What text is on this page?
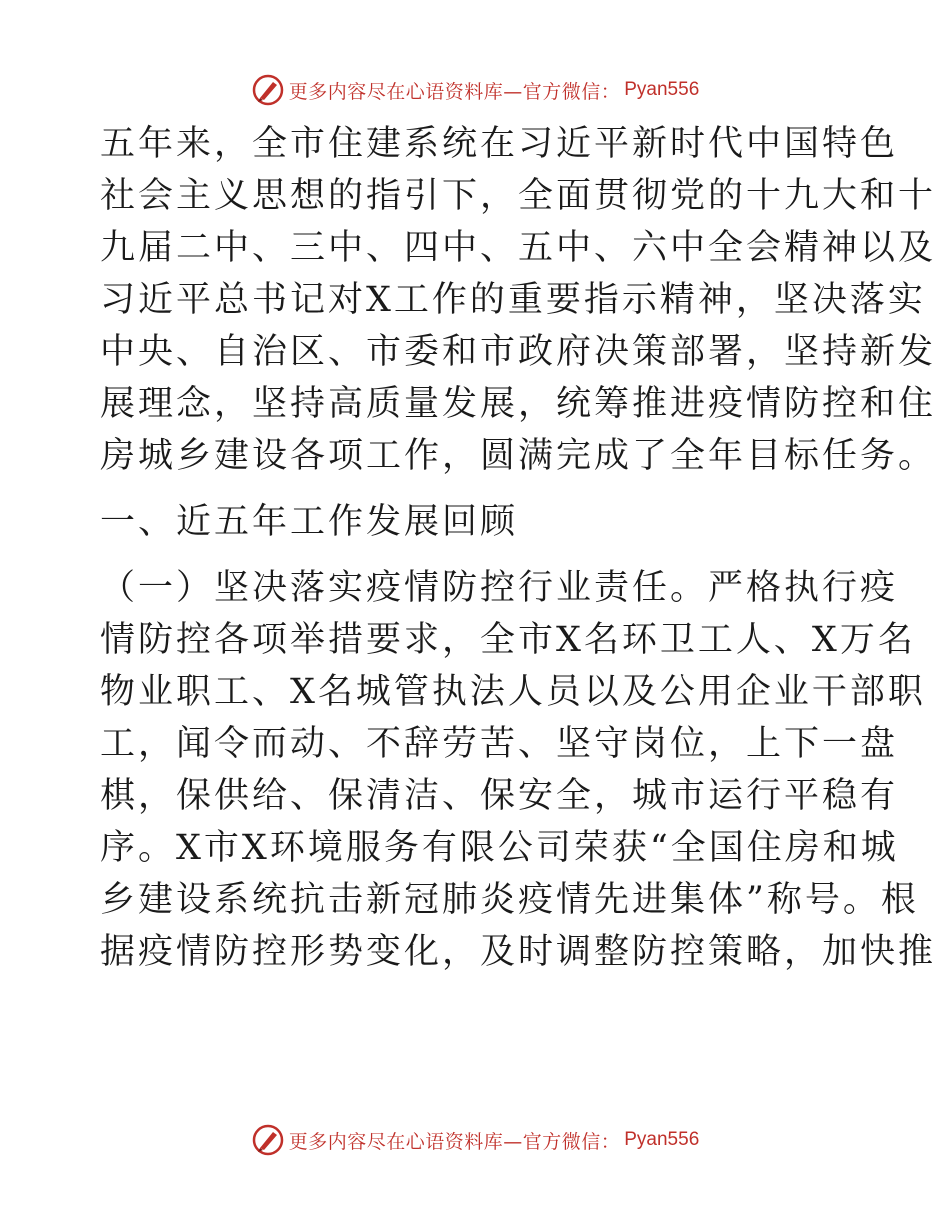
更多内容尽在心语资料库—官方微信： Pyan556
五年来，全市住建系统在习近平新时代中国特色
社会主义思想的指引下，全面贯彻党的十九大和十
九届二中、三中、四中、五中、六中全会精神以及
习近平总书记对X工作的重要指示精神，坚决落实
中央、自治区、市委和市政府决策部署，坚持新发
展理念，坚持高质量发展，统筹推进疫情防控和住
房城乡建设各项工作，圆满完成了全年目标任务。
一、近五年工作发展回顾
（一）坚决落实疫情防控行业责任。严格执行疫
情防控各项举措要求，全市X名环卫工人、X万名
物业职工、X名城管执法人员以及公用企业干部职
工，闻令而动、不辞劳苦、坚守岗位，上下一盘
棋，保供给、保清洁、保安全，城市运行平稳有
序。X市X环境服务有限公司荣获“全国住房和城
乡建设系统抗击新冠肺炎疫情先进集体”称号。根
据疫情防控形势变化，及时调整防控策略，加快推
更多内容尽在心语资料库—官方微信： Pyan556
